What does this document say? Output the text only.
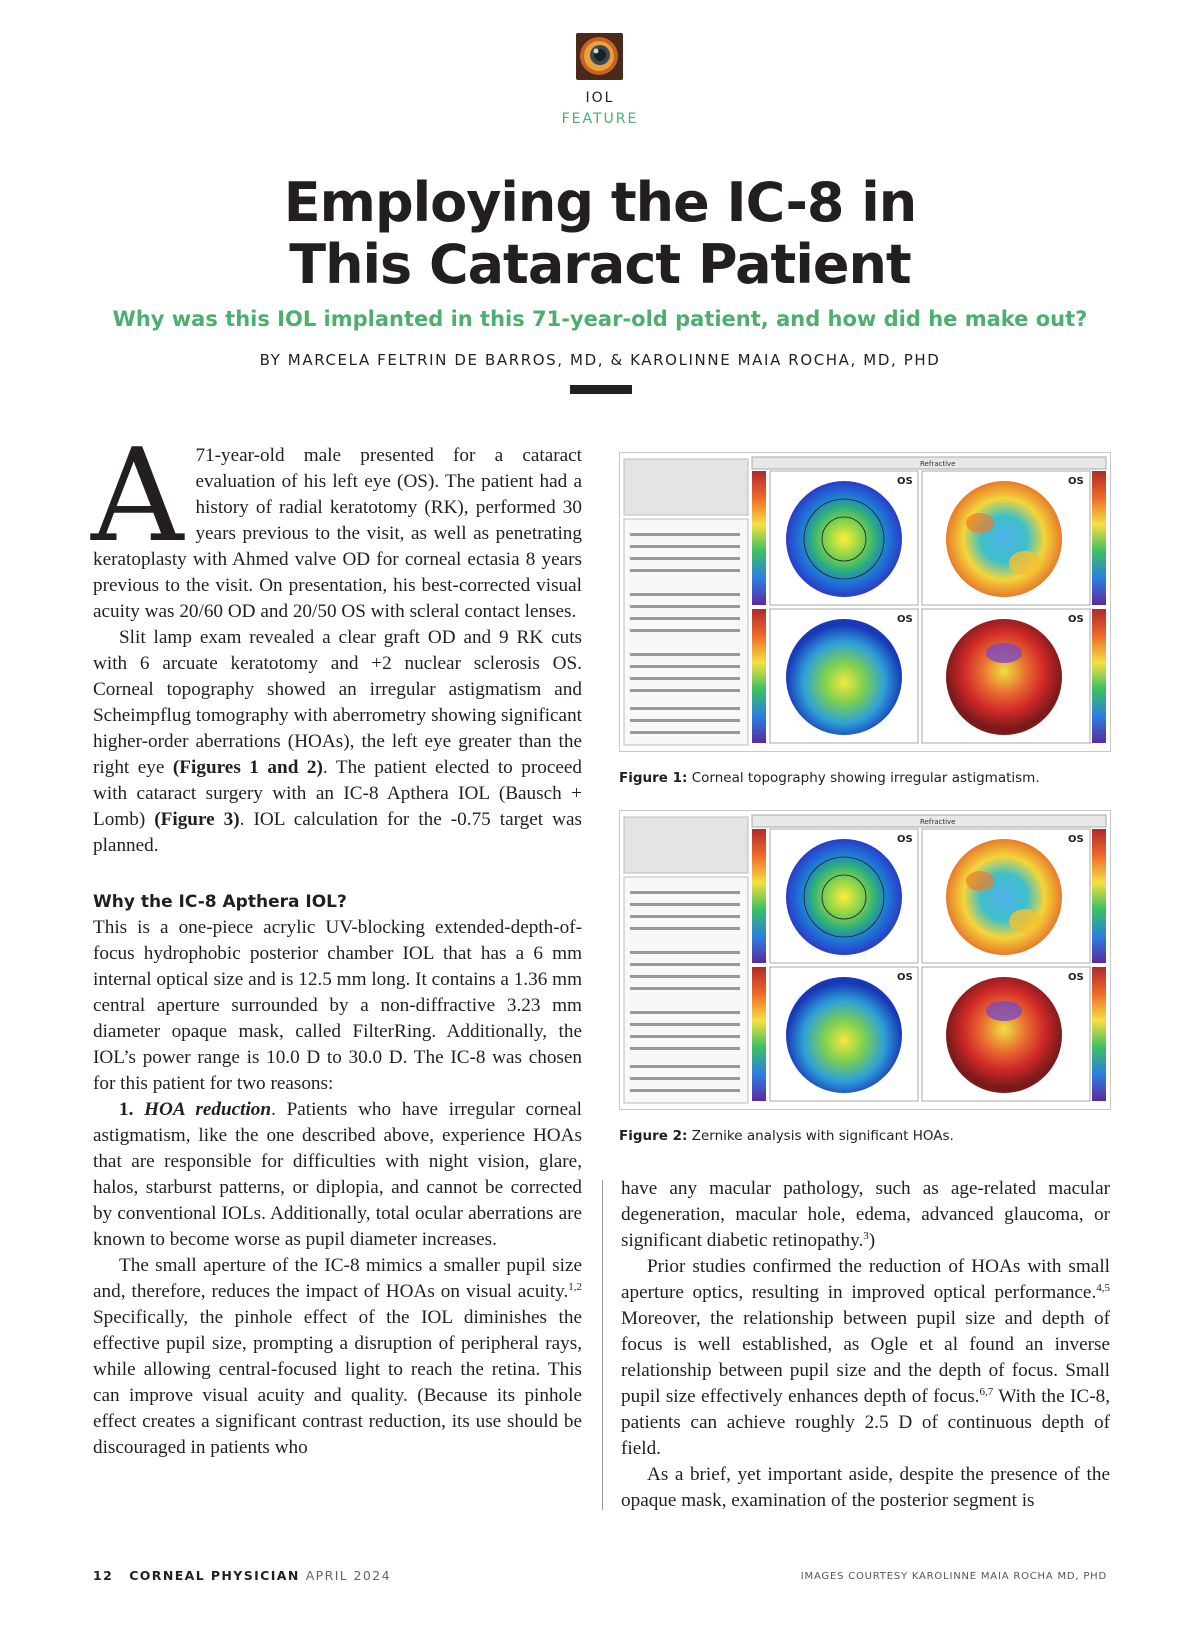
IOL
FEATURE
Employing the IC-8 in
This Cataract Patient
Why was this IOL implanted in this 71-year-old patient, and how did he make out?
BY MARCELA FELTRIN DE BARROS, MD, & KAROLINNE MAIA ROCHA, MD, PHD

A 71-year-old male presented for a cataract evaluation of his left eye (OS). The patient had a history of radial keratotomy (RK), performed 30 years previous to the visit, as well as penetrating keratoplasty with Ahmed valve OD for corneal ectasia 8 years previous to the visit. On presentation, his best-corrected visual acuity was 20/60 OD and 20/50 OS with scleral contact lenses.

Slit lamp exam revealed a clear graft OD and 9 RK cuts with 6 arcuate keratotomy and +2 nuclear sclerosis OS. Corneal topography showed an irregular astigmatism and Scheimpflug tomography with aberrometry showing significant higher-order aberrations (HOAs), the left eye greater than the right eye (Figures 1 and 2). The patient elected to proceed with cataract surgery with an IC-8 Apthera IOL (Bausch + Lomb) (Figure 3). IOL calculation for the -0.75 target was planned.

Why the IC-8 Apthera IOL?

This is a one-piece acrylic UV-blocking extended-depth-of-focus hydrophobic posterior chamber IOL that has a 6 mm internal optical size and is 12.5 mm long. It contains a 1.36 mm central aperture surrounded by a non-diffractive 3.23 mm diameter opaque mask, called FilterRing. Additionally, the IOL’s power range is 10.0 D to 30.0 D. The IC-8 was chosen for this patient for two reasons:

1. HOA reduction. Patients who have irregular corneal astigmatism, like the one described above, experience HOAs that are responsible for difficulties with night vision, glare, halos, starburst patterns, or diplopia, and cannot be corrected by conventional IOLs. Additionally, total ocular aberrations are known to become worse as pupil diameter increases.

The small aperture of the IC-8 mimics a smaller pupil size and, therefore, reduces the impact of HOAs on visual acuity.$^{1,2}$ Specifically, the pinhole effect of the IOL diminishes the effective pupil size, prompting a disruption of peripheral rays, while allowing central-focused light to reach the retina. This can improve visual acuity and quality. (Because its pinhole effect creates a significant contrast reduction, its use should be discouraged in patients who

Refractive
OS	OS
OS	OS
Figure 1: Corneal topography showing irregular astigmatism.
Refractive
OS	OS
OS	OS
Figure 2: Zernike analysis with significant HOAs.

have any macular pathology, such as age-related macular degeneration, macular hole, edema, advanced glaucoma, or significant diabetic retinopathy.$^3$)

Prior studies confirmed the reduction of HOAs with small aperture optics, resulting in improved optical performance.$^{4,5}$ Moreover, the relationship between pupil size and depth of focus is well established, as Ogle et al found an inverse relationship between pupil size and the depth of focus. Small pupil size effectively enhances depth of focus.$^{6,7}$ With the IC-8, patients can achieve roughly 2.5 D of continuous depth of field.

As a brief, yet important aside, despite the presence of the opaque mask, examination of the posterior segment is

12 CORNEAL PHYSICIAN APRIL 2024	IMAGES COURTESY KAROLINNE MAIA ROCHA MD, PHD
